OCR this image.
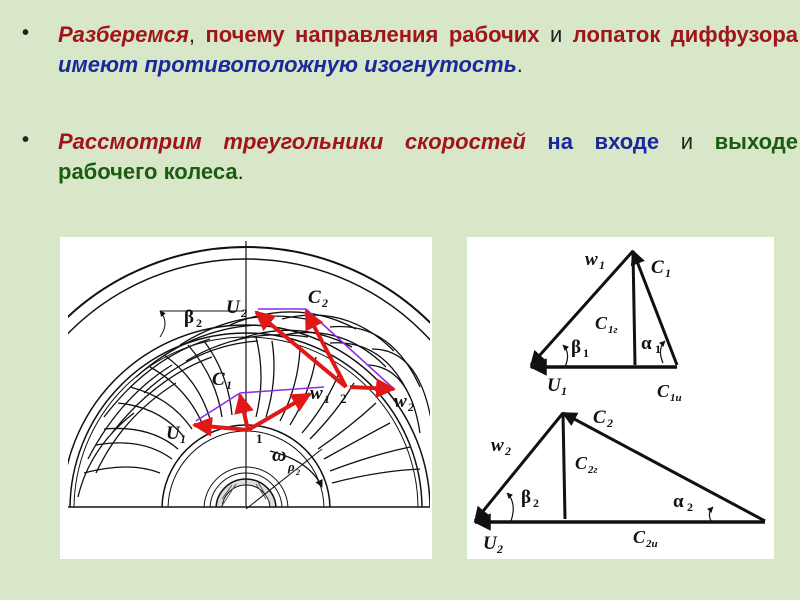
• Разберемся, почему направления рабочих и лопаток диффузора имеют противоположную изогнутость.
• Рассмотрим треугольники скоростей на входе и выходе рабочего колеса.
U 2
C 2
β 2
C 1	w 1 2	w 2
U 1	1
ω
ρ 2
w 1 C 1
C 1г
β 1	α 1
U 1	C 1u
w 2
C 2
C 2г
β 2	α 2
U 2
C 2u
